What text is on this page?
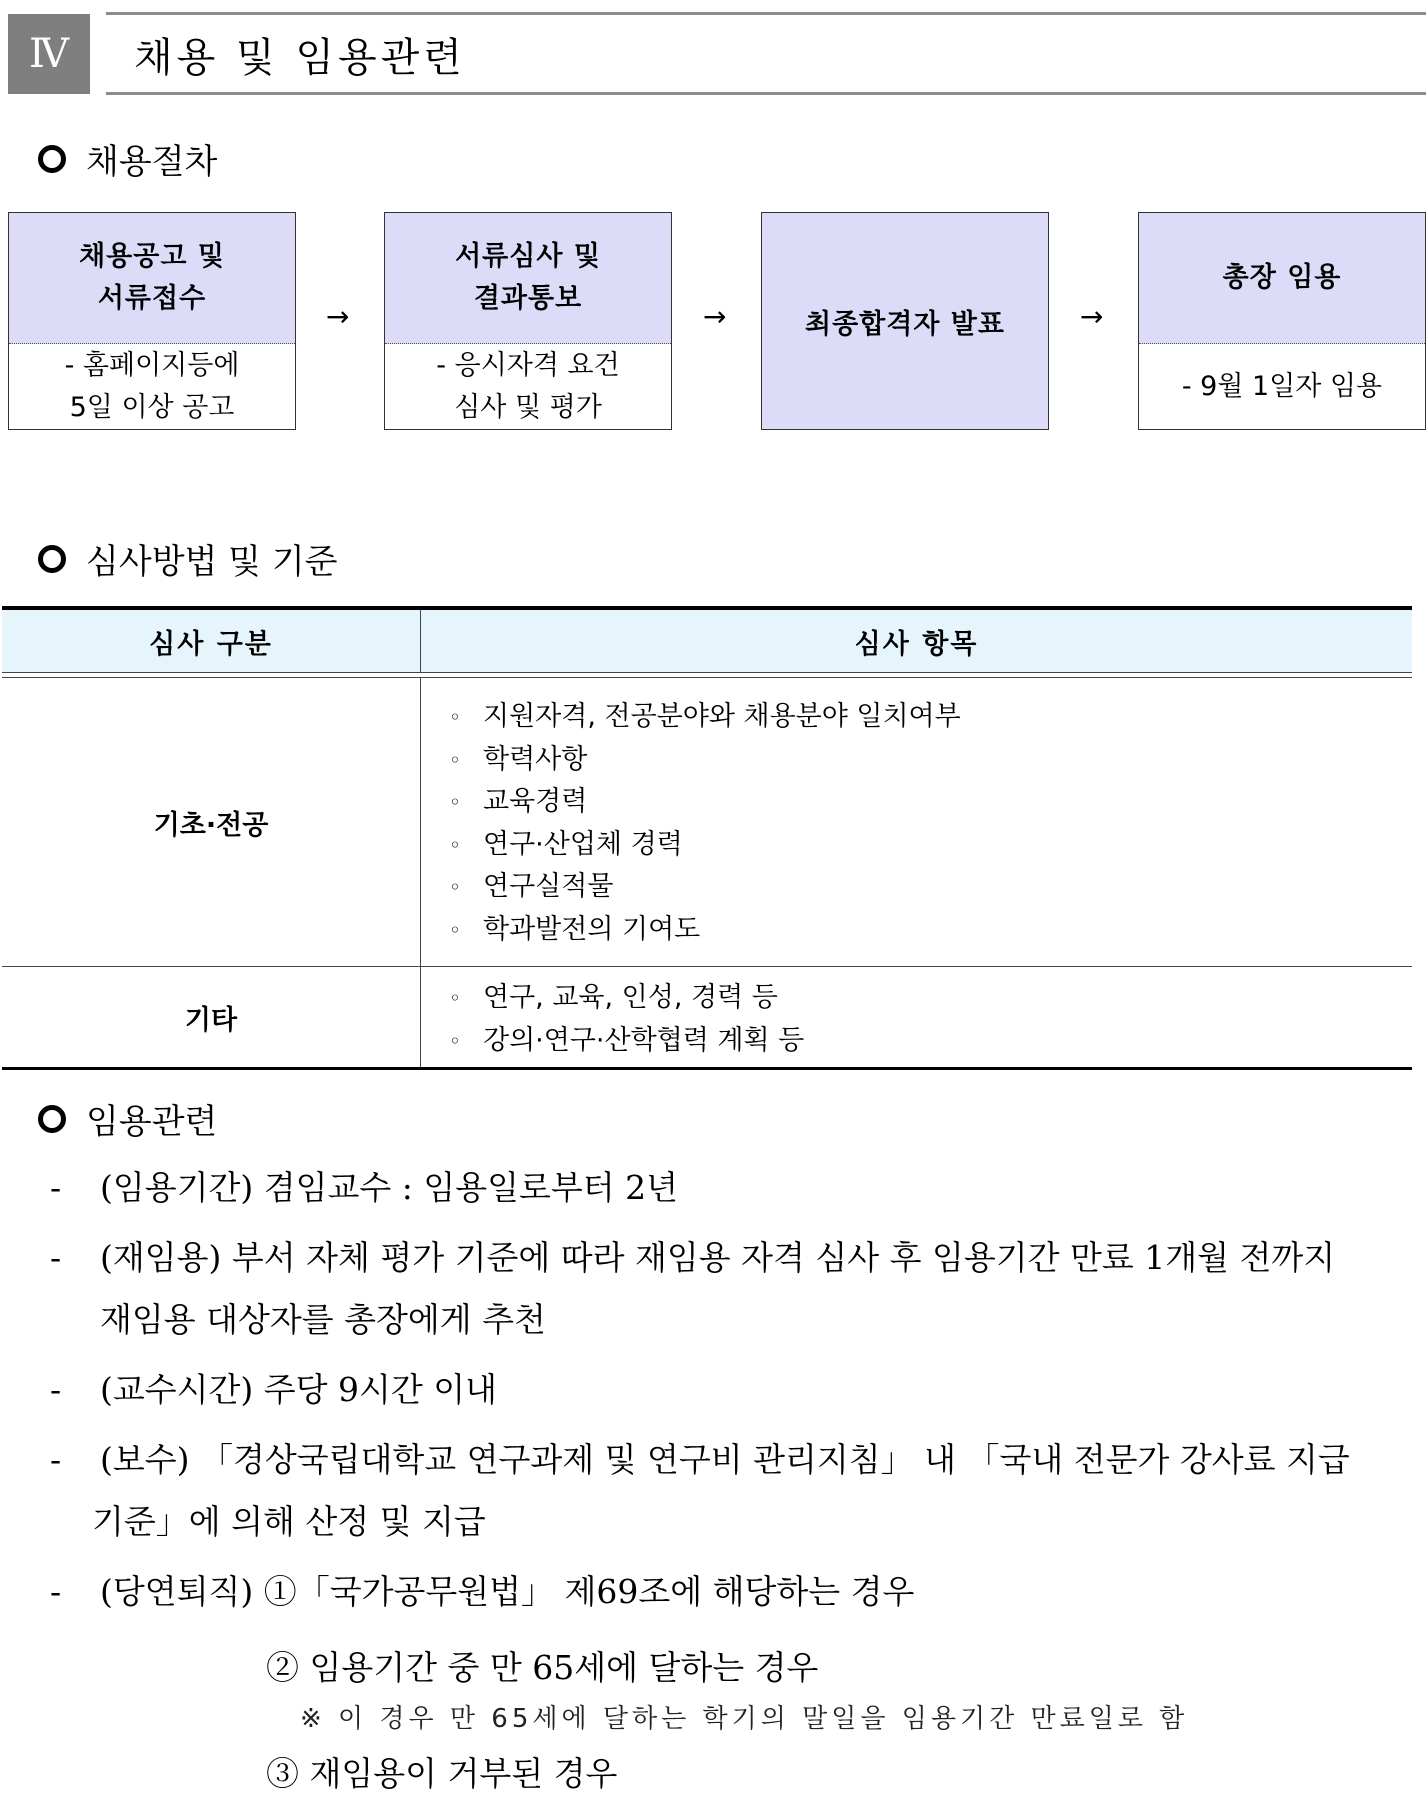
Ⅳ 채용 및 임용관련
채용절차
채용공고 및
서류접수
- 홈페이지등에
5일 이상 공고
→
서류심사 및
결과통보
- 응시자격 요건
심사 및 평가
→	최종합격자 발표	→
총장 임용
- 9월 1일자 임용
심사방법 및 기준
심사 구분	심사 항목
기초·전공
◦ 지원자격, 전공분야와 채용분야 일치여부
◦ 학력사항
◦ 교육경력
◦ 연구·산업체 경력
◦ 연구실적물
◦ 학과발전의 기여도
기타
◦ 연구, 교육, 인성, 경력 등
◦ 강의·연구·산학협력 계획 등
임용관련
- (임용기간) 겸임교수 : 임용일로부터 2년
- (재임용) 부서 자체 평가 기준에 따라 재임용 자격 심사 후 임용기간 만료 1개월 전까지
재임용 대상자를 총장에게 추천
- (교수시간) 주당 9시간 이내
- (보수) 「경상국립대학교 연구과제 및 연구비 관리지침」 내 「국내 전문가 강사료 지급
기준」에 의해 산정 및 지급
- (당연퇴직) ①「국가공무원법」 제69조에 해당하는 경우
② 임용기간 중 만 65세에 달하는 경우
※ 이 경우 만 65세에 달하는 학기의 말일을 임용기간 만료일로 함
③ 재임용이 거부된 경우
